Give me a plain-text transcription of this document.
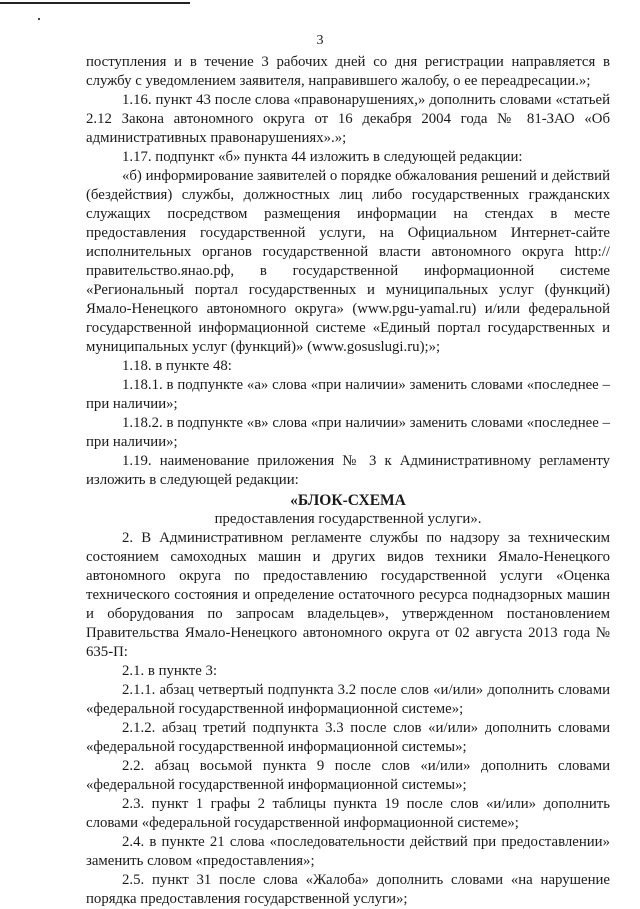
3

поступления и в течение 3 рабочих дней со дня регистрации направляется в службу с уведомлением заявителя, направившего жалобу, о ее переадресации.»;

1.16. пункт 43 после слова «правонарушениях,» дополнить словами «статьей 2.12 Закона автономного округа от 16 декабря 2004 года № 81-ЗАО «Об административных правонарушениях».»;

1.17. подпункт «б» пункта 44 изложить в следующей редакции:

«б) информирование заявителей о порядке обжалования решений и действий (бездействия) службы, должностных лиц либо государственных гражданских служащих посредством размещения информации на стендах в месте предоставления государственной услуги, на Официальном Интернет-сайте исполнительных органов государственной власти автономного округа http://правительство.янао.рф, в государственной информационной системе «Региональный портал государственных и муниципальных услуг (функций) Ямало-Ненецкого автономного округа» (www.pgu-yamal.ru) и/или федеральной государственной информационной системе «Единый портал государственных и муниципальных услуг (функций)» (www.gosuslugi.ru);»;

1.18. в пункте 48:

1.18.1. в подпункте «а» слова «при наличии» заменить словами «последнее – при наличии»;

1.18.2. в подпункте «в» слова «при наличии» заменить словами «последнее – при наличии»;

1.19. наименование приложения № 3 к Административному регламенту изложить в следующей редакции:

«БЛОК-СХЕМА

предоставления государственной услуги».

2. В Административном регламенте службы по надзору за техническим состоянием самоходных машин и других видов техники Ямало-Ненецкого автономного округа по предоставлению государственной услуги «Оценка технического состояния и определение остаточного ресурса поднадзорных машин и оборудования по запросам владельцев», утвержденном постановлением Правительства Ямало-Ненецкого автономного округа от 02 августа 2013 года № 635-П:

2.1. в пункте 3:

2.1.1. абзац четвертый подпункта 3.2 после слов «и/или» дополнить словами «федеральной государственной информационной системе»;

2.1.2. абзац третий подпункта 3.3 после слов «и/или» дополнить словами «федеральной государственной информационной системы»;

2.2. абзац восьмой пункта 9 после слов «и/или» дополнить словами «федеральной государственной информационной системы»;

2.3. пункт 1 графы 2 таблицы пункта 19 после слов «и/или» дополнить словами «федеральной государственной информационной системе»;

2.4. в пункте 21 слова «последовательности действий при предоставлении» заменить словом «предоставления»;

2.5. пункт 31 после слова «Жалоба» дополнить словами «на нарушение порядка предоставления государственной услуги»;
